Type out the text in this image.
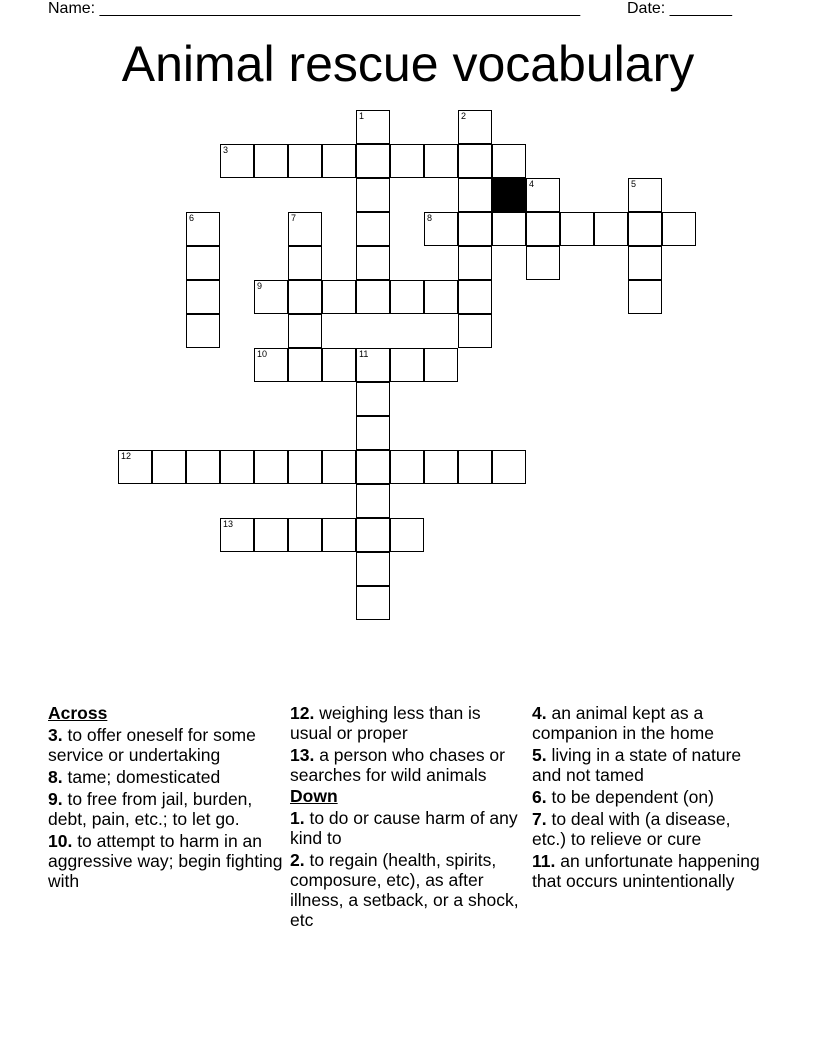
Name: ______________________________________________________	Date: _______
Animal rescue vocabulary
1	2
3
4	5
6	7	8
9
10	11
12
13
Across
3. to offer oneself for some service or undertaking
8. tame; domesticated
9. to free from jail, burden, debt, pain, etc.; to let go.
10. to attempt to harm in an aggressive way; begin fighting with
12. weighing less than is usual or proper
13. a person who chases or searches for wild animals
Down
1. to do or cause harm of any kind to
2. to regain (health, spirits, composure, etc), as after illness, a setback, or a shock, etc
4. an animal kept as a companion in the home
5. living in a state of nature and not tamed
6. to be dependent (on)
7. to deal with (a disease, etc.) to relieve or cure
11. an unfortunate happening that occurs unintentionally
